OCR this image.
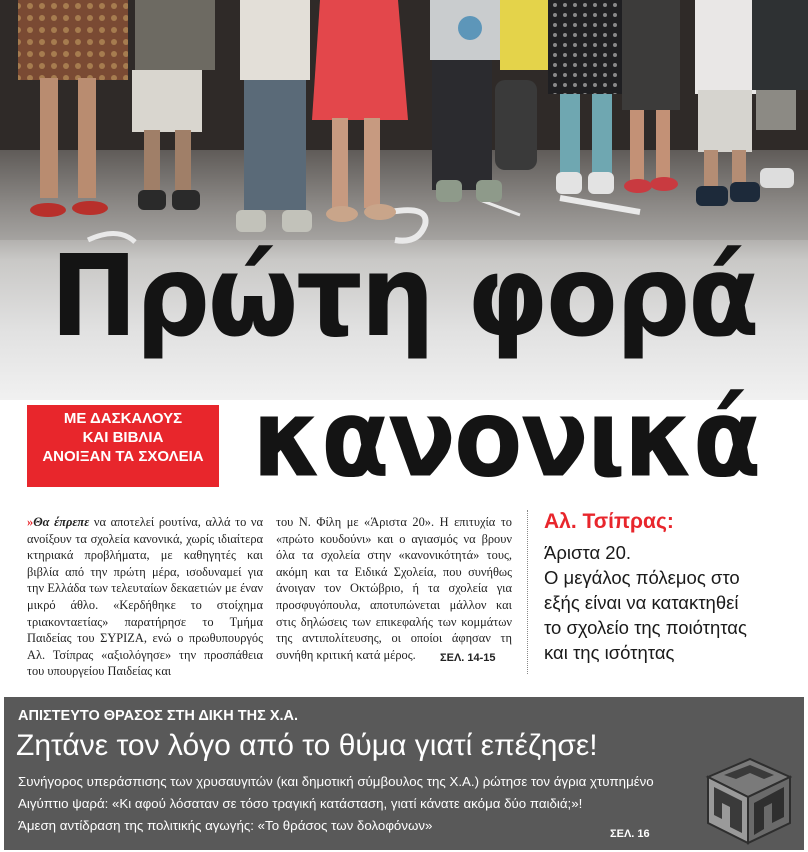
Πρώτη φορά
ΜΕ ΔΑΣΚΑΛΟΥΣ
ΚΑΙ ΒΙΒΛΙΑ
ΑΝΟΙΞΑΝ ΤΑ ΣΧΟΛΕΙΑ κανονικά
»Θα έπρεπε να αποτελεί ρουτίνα, αλλά το να ανοίξουν τα σχολεία κανονικά, χωρίς ιδιαίτερα κτηριακά προβλήματα, με καθηγητές και βιβλία από την πρώτη μέρα, ισοδυναμεί για την Ελλάδα των τελευταίων δεκαετιών με έναν μικρό άθλο. «Κερδήθηκε το στοίχημα τριακονταετίας» παρατήρησε το Τμήμα Παιδείας του ΣΥΡΙΖΑ, ενώ ο πρωθυπουργός Αλ. Τσίπρας «αξιολόγησε» την προσπάθεια του υπουργείου Παιδείας και
του Ν. Φίλη με «Άριστα 20». Η επιτυχία το «πρώτο κουδούνι» και ο αγιασμός να βρουν όλα τα σχολεία στην «κανονικότητά» τους, ακόμη και τα Ειδικά Σχολεία, που συνήθως άνοιγαν τον Οκτώβριο, ή τα σχολεία για προσφυγόπουλα, αποτυπώνεται μάλλον και στις δηλώσεις των επικεφαλής των κομμάτων της αντιπολίτευσης, οι οποίοι άφησαν τη συνήθη κριτική κατά μέρος.	ΣΕΛ. 14-15
Αλ. Τσίπρας:
Άριστα 20.
Ο μεγάλος πόλεμος στο
εξής είναι να κατακτηθεί
το σχολείο της ποιότητας
και της ισότητας
ΑΠΙΣΤΕΥΤΟ ΘΡΑΣΟΣ ΣΤΗ ΔΙΚΗ ΤΗΣ Χ.Α.
Ζητάνε τον λόγο από το θύμα γιατί επέζησε!
Συνήγορος υπεράσπισης των χρυσαυγιτών (και δημοτική σύμβουλος της Χ.Α.) ρώτησε τον άγρια χτυπημένο
Αιγύπτιο ψαρά: «Κι αφού λόσαταν σε τόσο τραγική κατάσταση, γιατί κάνατε ακόμα δύο παιδιά;»!
Άμεση αντίδραση της πολιτικής αγωγής: «Το θράσος των δολοφόνων»
ΣΕΛ. 16
